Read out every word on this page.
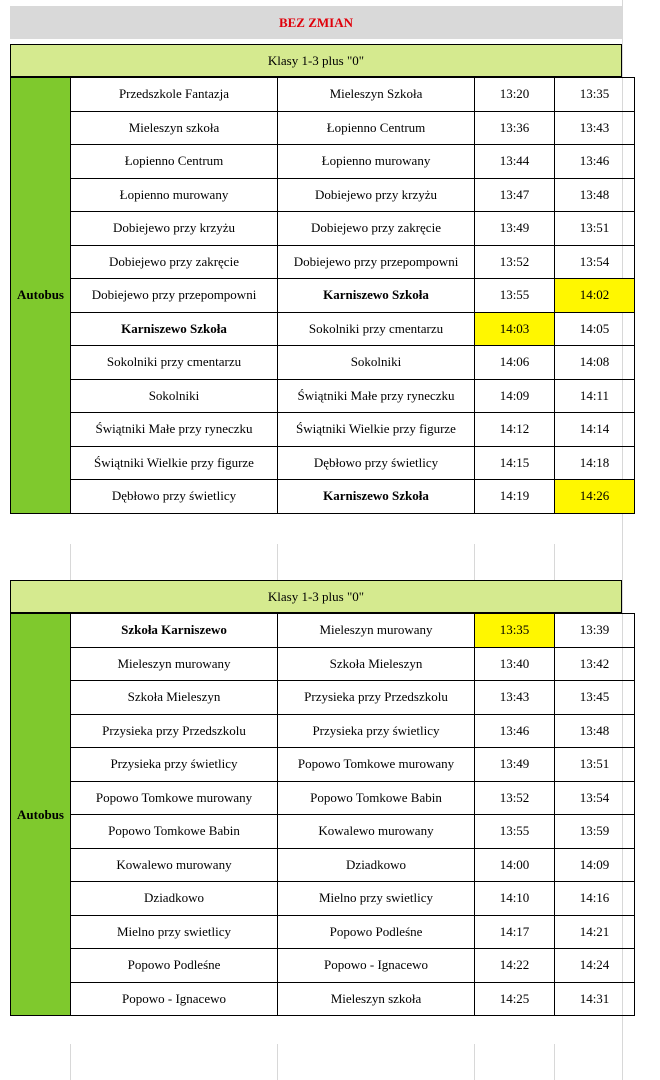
BEZ ZMIAN
Klasy 1-3 plus "0"
Autobus	Przedszkole Fantazja	Mieleszyn Szkoła	13:20	13:35
	Mieleszyn szkoła	Łopienno Centrum	13:36	13:43
	Łopienno Centrum	Łopienno murowany	13:44	13:46
	Łopienno murowany	Dobiejewo przy krzyżu	13:47	13:48
	Dobiejewo przy krzyżu	Dobiejewo przy zakręcie	13:49	13:51
	Dobiejewo przy zakręcie	Dobiejewo przy przepompowni	13:52	13:54
	Dobiejewo przy przepompowni	Karniszewo Szkoła	13:55	14:02
	Karniszewo Szkoła	Sokolniki przy cmentarzu	14:03	14:05
	Sokolniki przy cmentarzu	Sokolniki	14:06	14:08
	Sokolniki	Świątniki Małe przy ryneczku	14:09	14:11
	Świątniki Małe przy ryneczku	Świątniki Wielkie przy figurze	14:12	14:14
	Świątniki Wielkie przy figurze	Dębłowo przy świetlicy	14:15	14:18
	Dębłowo przy świetlicy	Karniszewo Szkoła	14:19	14:26
Klasy 1-3 plus "0"
Autobus	Szkoła Karniszewo	Mieleszyn murowany	13:35	13:39
	Mieleszyn murowany	Szkoła Mieleszyn	13:40	13:42
	Szkoła Mieleszyn	Przysieka przy Przedszkolu	13:43	13:45
	Przysieka przy Przedszkolu	Przysieka przy świetlicy	13:46	13:48
	Przysieka przy świetlicy	Popowo Tomkowe murowany	13:49	13:51
	Popowo Tomkowe murowany	Popowo Tomkowe Babin	13:52	13:54
	Popowo Tomkowe Babin	Kowalewo murowany	13:55	13:59
	Kowalewo murowany	Dziadkowo	14:00	14:09
	Dziadkowo	Mielno przy swietlicy	14:10	14:16
	Mielno przy swietlicy	Popowo Podleśne	14:17	14:21
	Popowo Podleśne	Popowo - Ignacewo	14:22	14:24
	Popowo - Ignacewo	Mieleszyn szkoła	14:25	14:31
